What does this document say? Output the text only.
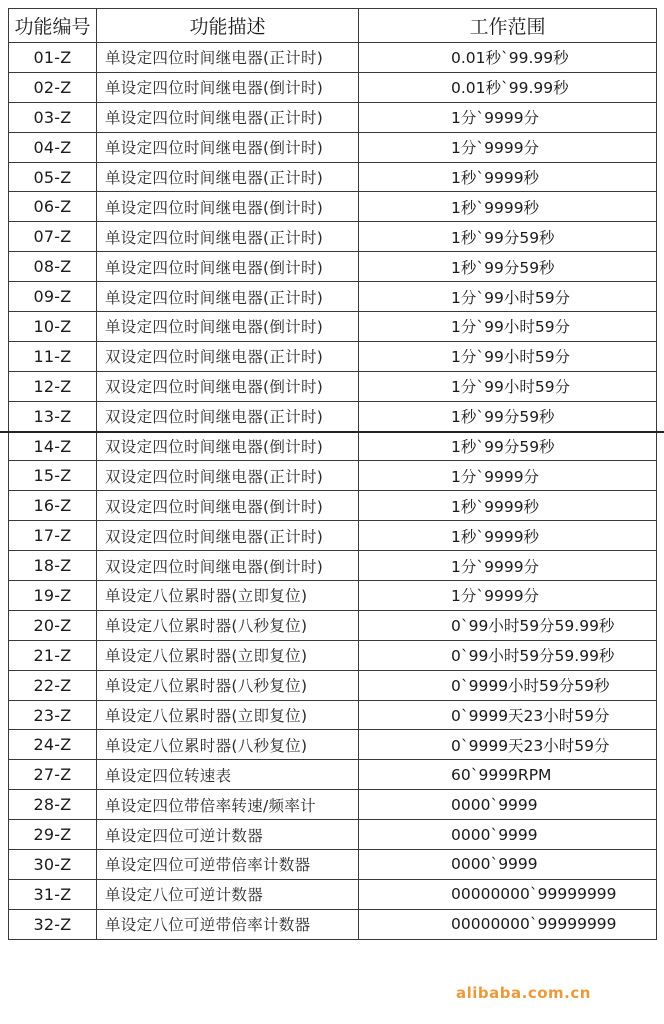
功能编号	功能描述	工作范围
01-Z	单设定四位时间继电器(正计时)	0.01秒`99.99秒
02-Z	单设定四位时间继电器(倒计时)	0.01秒`99.99秒
03-Z	单设定四位时间继电器(正计时)	1分`9999分
04-Z	单设定四位时间继电器(倒计时)	1分`9999分
05-Z	单设定四位时间继电器(正计时)	1秒`9999秒
06-Z	单设定四位时间继电器(倒计时)	1秒`9999秒
07-Z	单设定四位时间继电器(正计时)	1秒`99分59秒
08-Z	单设定四位时间继电器(倒计时)	1秒`99分59秒
09-Z	单设定四位时间继电器(正计时)	1分`99小时59分
10-Z	单设定四位时间继电器(倒计时)	1分`99小时59分
11-Z	双设定四位时间继电器(正计时)	1分`99小时59分
12-Z	双设定四位时间继电器(倒计时)	1分`99小时59分
13-Z	双设定四位时间继电器(正计时)	1秒`99分59秒
14-Z	双设定四位时间继电器(倒计时)	1秒`99分59秒
15-Z	双设定四位时间继电器(正计时)	1分`9999分
16-Z	双设定四位时间继电器(倒计时)	1秒`9999秒
17-Z	双设定四位时间继电器(正计时)	1秒`9999秒
18-Z	双设定四位时间继电器(倒计时)	1分`9999分
19-Z	单设定八位累时器(立即复位)	1分`9999分
20-Z	单设定八位累时器(八秒复位)	0`99小时59分59.99秒
21-Z	单设定八位累时器(立即复位)	0`99小时59分59.99秒
22-Z	单设定八位累时器(八秒复位)	0`9999小时59分59秒
23-Z	单设定八位累时器(立即复位)	0`9999天23小时59分
24-Z	单设定八位累时器(八秒复位)	0`9999天23小时59分
27-Z	单设定四位转速表	60`9999RPM
28-Z	单设定四位带倍率转速/频率计	0000`9999
29-Z	单设定四位可逆计数器	0000`9999
30-Z	单设定四位可逆带倍率计数器	0000`9999
31-Z	单设定八位可逆计数器	00000000`99999999
32-Z	单设定八位可逆带倍率计数器	00000000`99999999
alibaba.com.cn
